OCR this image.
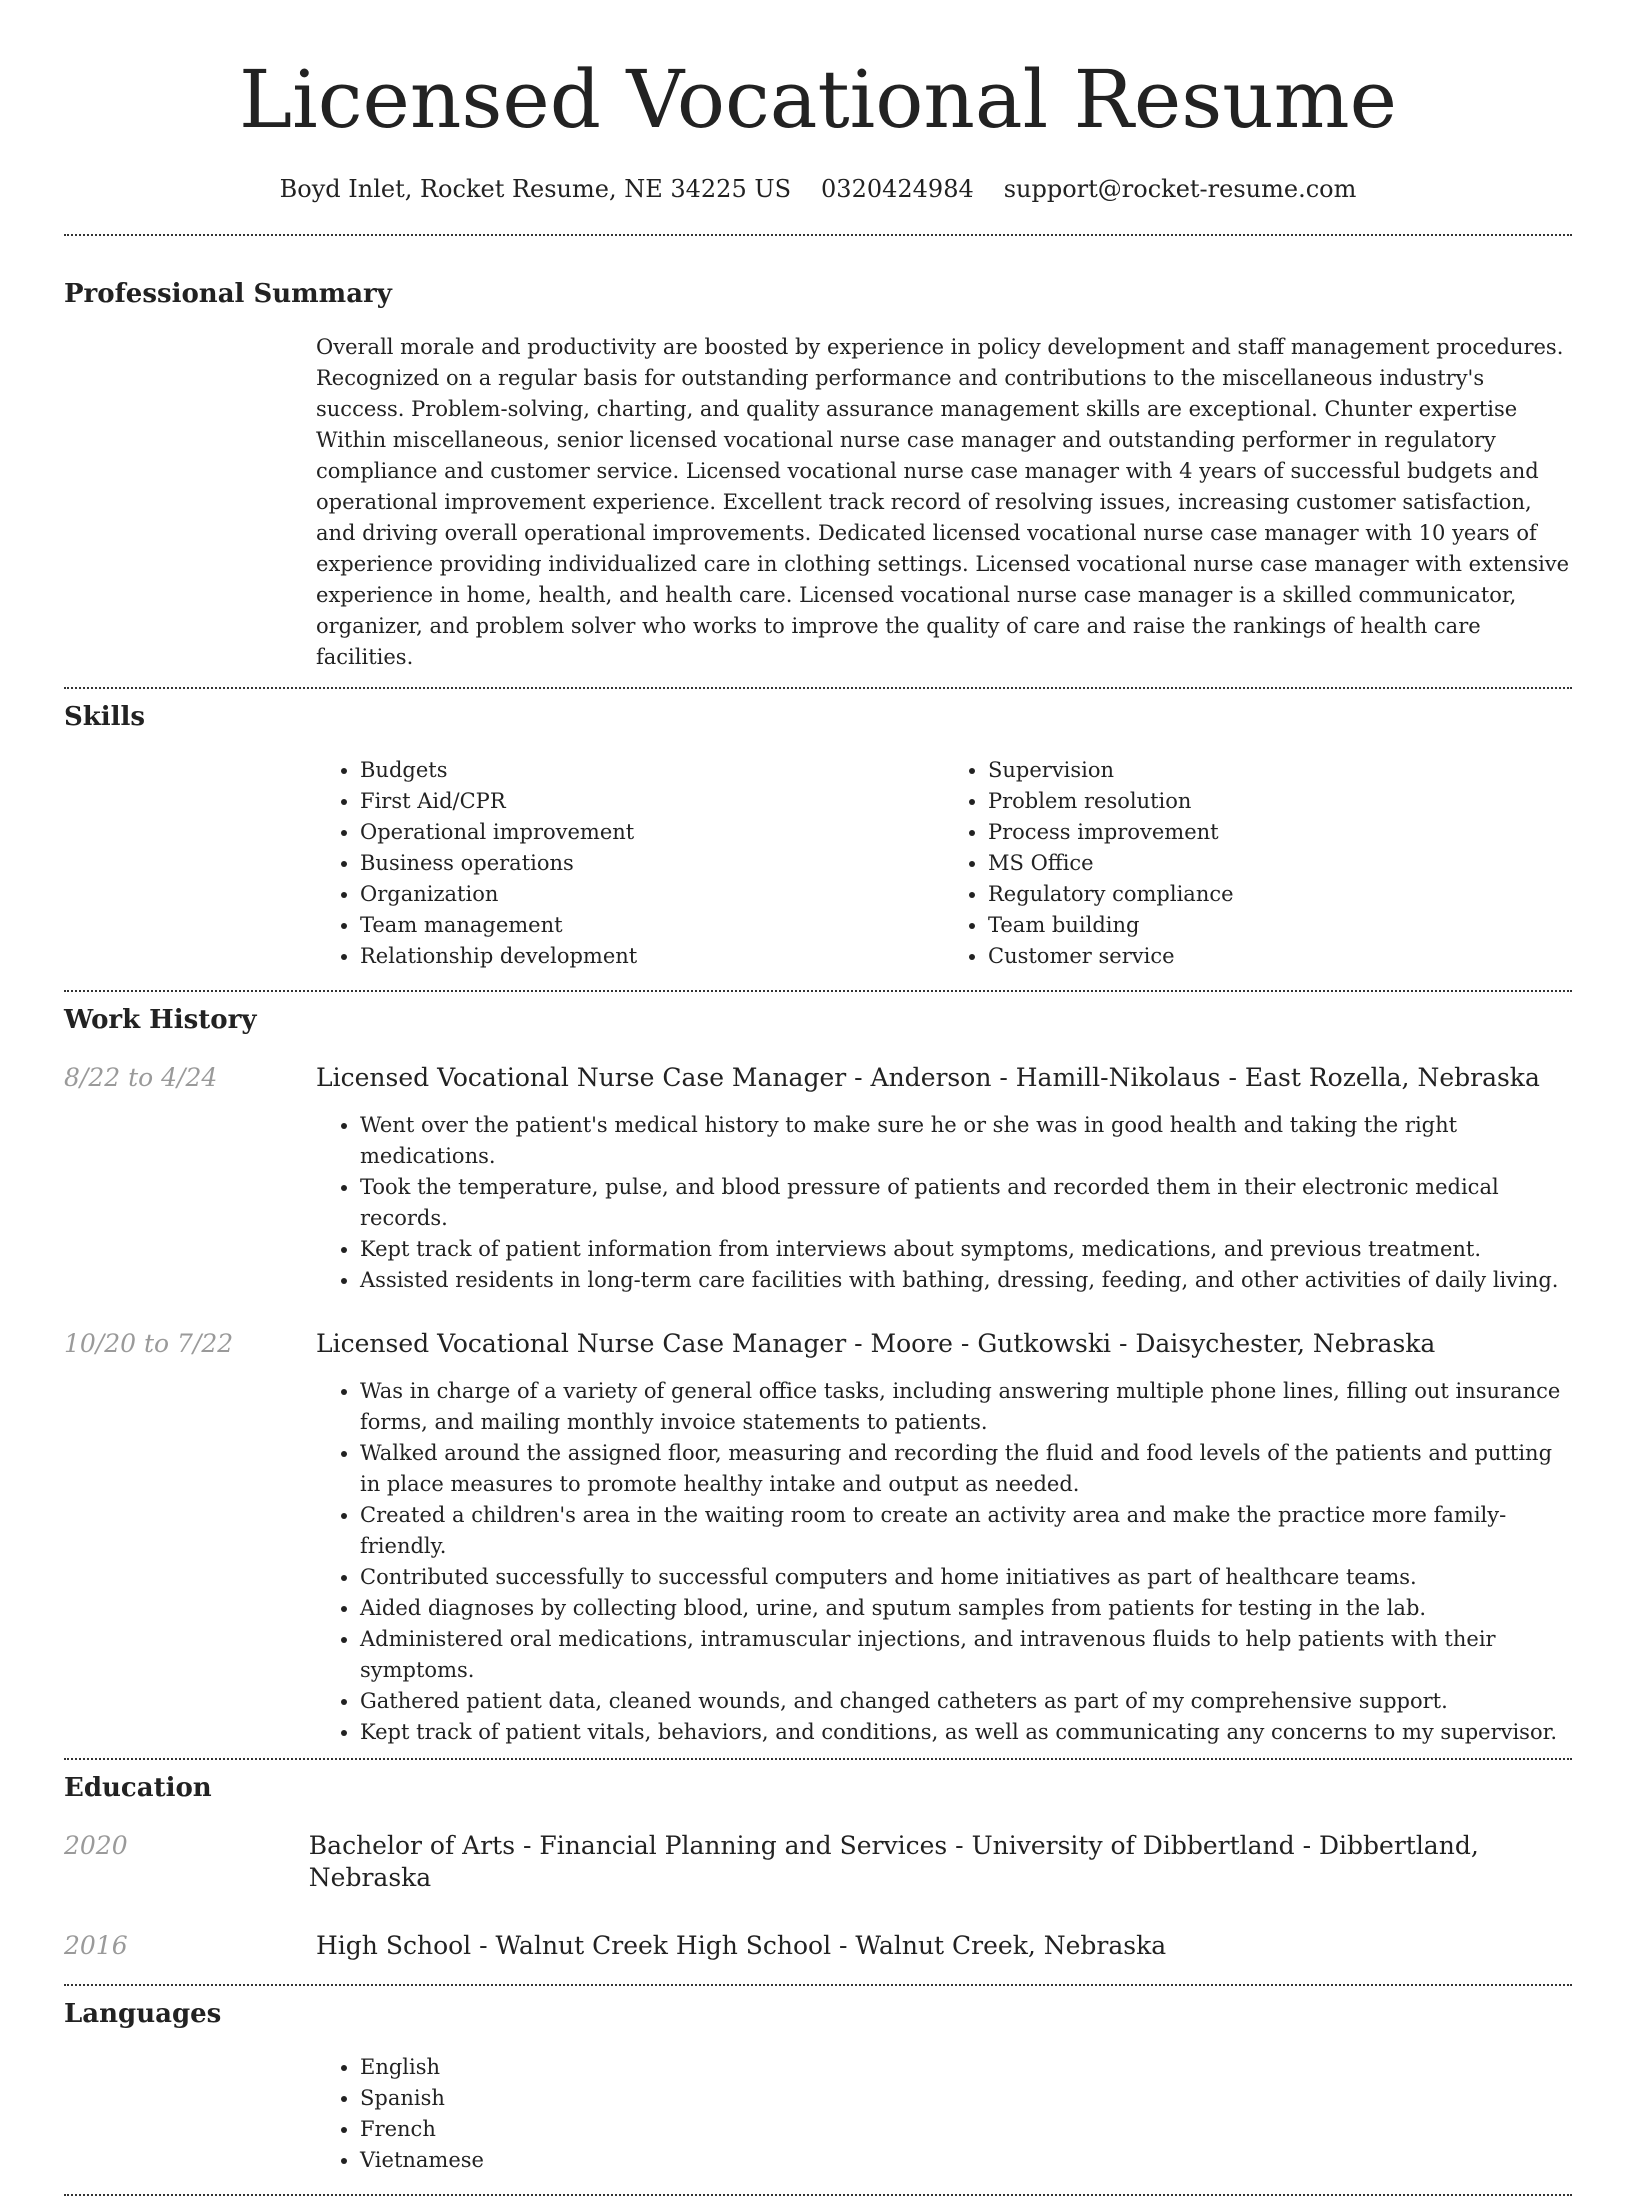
Licensed Vocational Resume
Boyd Inlet, Rocket Resume, NE 34225 US 0320424984 support@rocket-resume.com
Professional Summary

Overall morale and productivity are boosted by experience in policy development and staff management procedures. Recognized on a regular basis for outstanding performance and contributions to the miscellaneous industry's success. Problem-solving, charting, and quality assurance management skills are exceptional. Chunter expertise Within miscellaneous, senior licensed vocational nurse case manager and outstanding performer in regulatory compliance and customer service. Licensed vocational nurse case manager with 4 years of successful budgets and operational improvement experience. Excellent track record of resolving issues, increasing customer satisfaction, and driving overall operational improvements. Dedicated licensed vocational nurse case manager with 10 years of experience providing individualized care in clothing settings. Licensed vocational nurse case manager with extensive experience in home, health, and health care. Licensed vocational nurse case manager is a skilled communicator, organizer, and problem solver who works to improve the quality of care and raise the rankings of health care facilities.

Skills
• Budgets
• First Aid/CPR
• Operational improvement
• Business operations
• Organization
• Team management
• Relationship development
• Supervision
• Problem resolution
• Process improvement
• MS Office
• Regulatory compliance
• Team building
• Customer service
Work History
8/22 to 4/24	Licensed Vocational Nurse Case Manager - Anderson - Hamill-Nikolaus - East Rozella, Nebraska
• Went over the patient's medical history to make sure he or she was in good health and taking the right medications.
• Took the temperature, pulse, and blood pressure of patients and recorded them in their electronic medical records.
• Kept track of patient information from interviews about symptoms, medications, and previous treatment.
• Assisted residents in long-term care facilities with bathing, dressing, feeding, and other activities of daily living.
10/20 to 7/22	Licensed Vocational Nurse Case Manager - Moore - Gutkowski - Daisychester, Nebraska
• Was in charge of a variety of general office tasks, including answering multiple phone lines, filling out insurance forms, and mailing monthly invoice statements to patients.
• Walked around the assigned floor, measuring and recording the fluid and food levels of the patients and putting in place measures to promote healthy intake and output as needed.
• Created a children's area in the waiting room to create an activity area and make the practice more family-friendly.
• Contributed successfully to successful computers and home initiatives as part of healthcare teams.
• Aided diagnoses by collecting blood, urine, and sputum samples from patients for testing in the lab.
• Administered oral medications, intramuscular injections, and intravenous fluids to help patients with their symptoms.
• Gathered patient data, cleaned wounds, and changed catheters as part of my comprehensive support.
• Kept track of patient vitals, behaviors, and conditions, as well as communicating any concerns to my supervisor.
Education
2020	Bachelor of Arts - Financial Planning and Services - University of Dibbertland - Dibbertland, Nebraska
2016	High School - Walnut Creek High School - Walnut Creek, Nebraska
Languages
• English
• Spanish
• French
• Vietnamese
